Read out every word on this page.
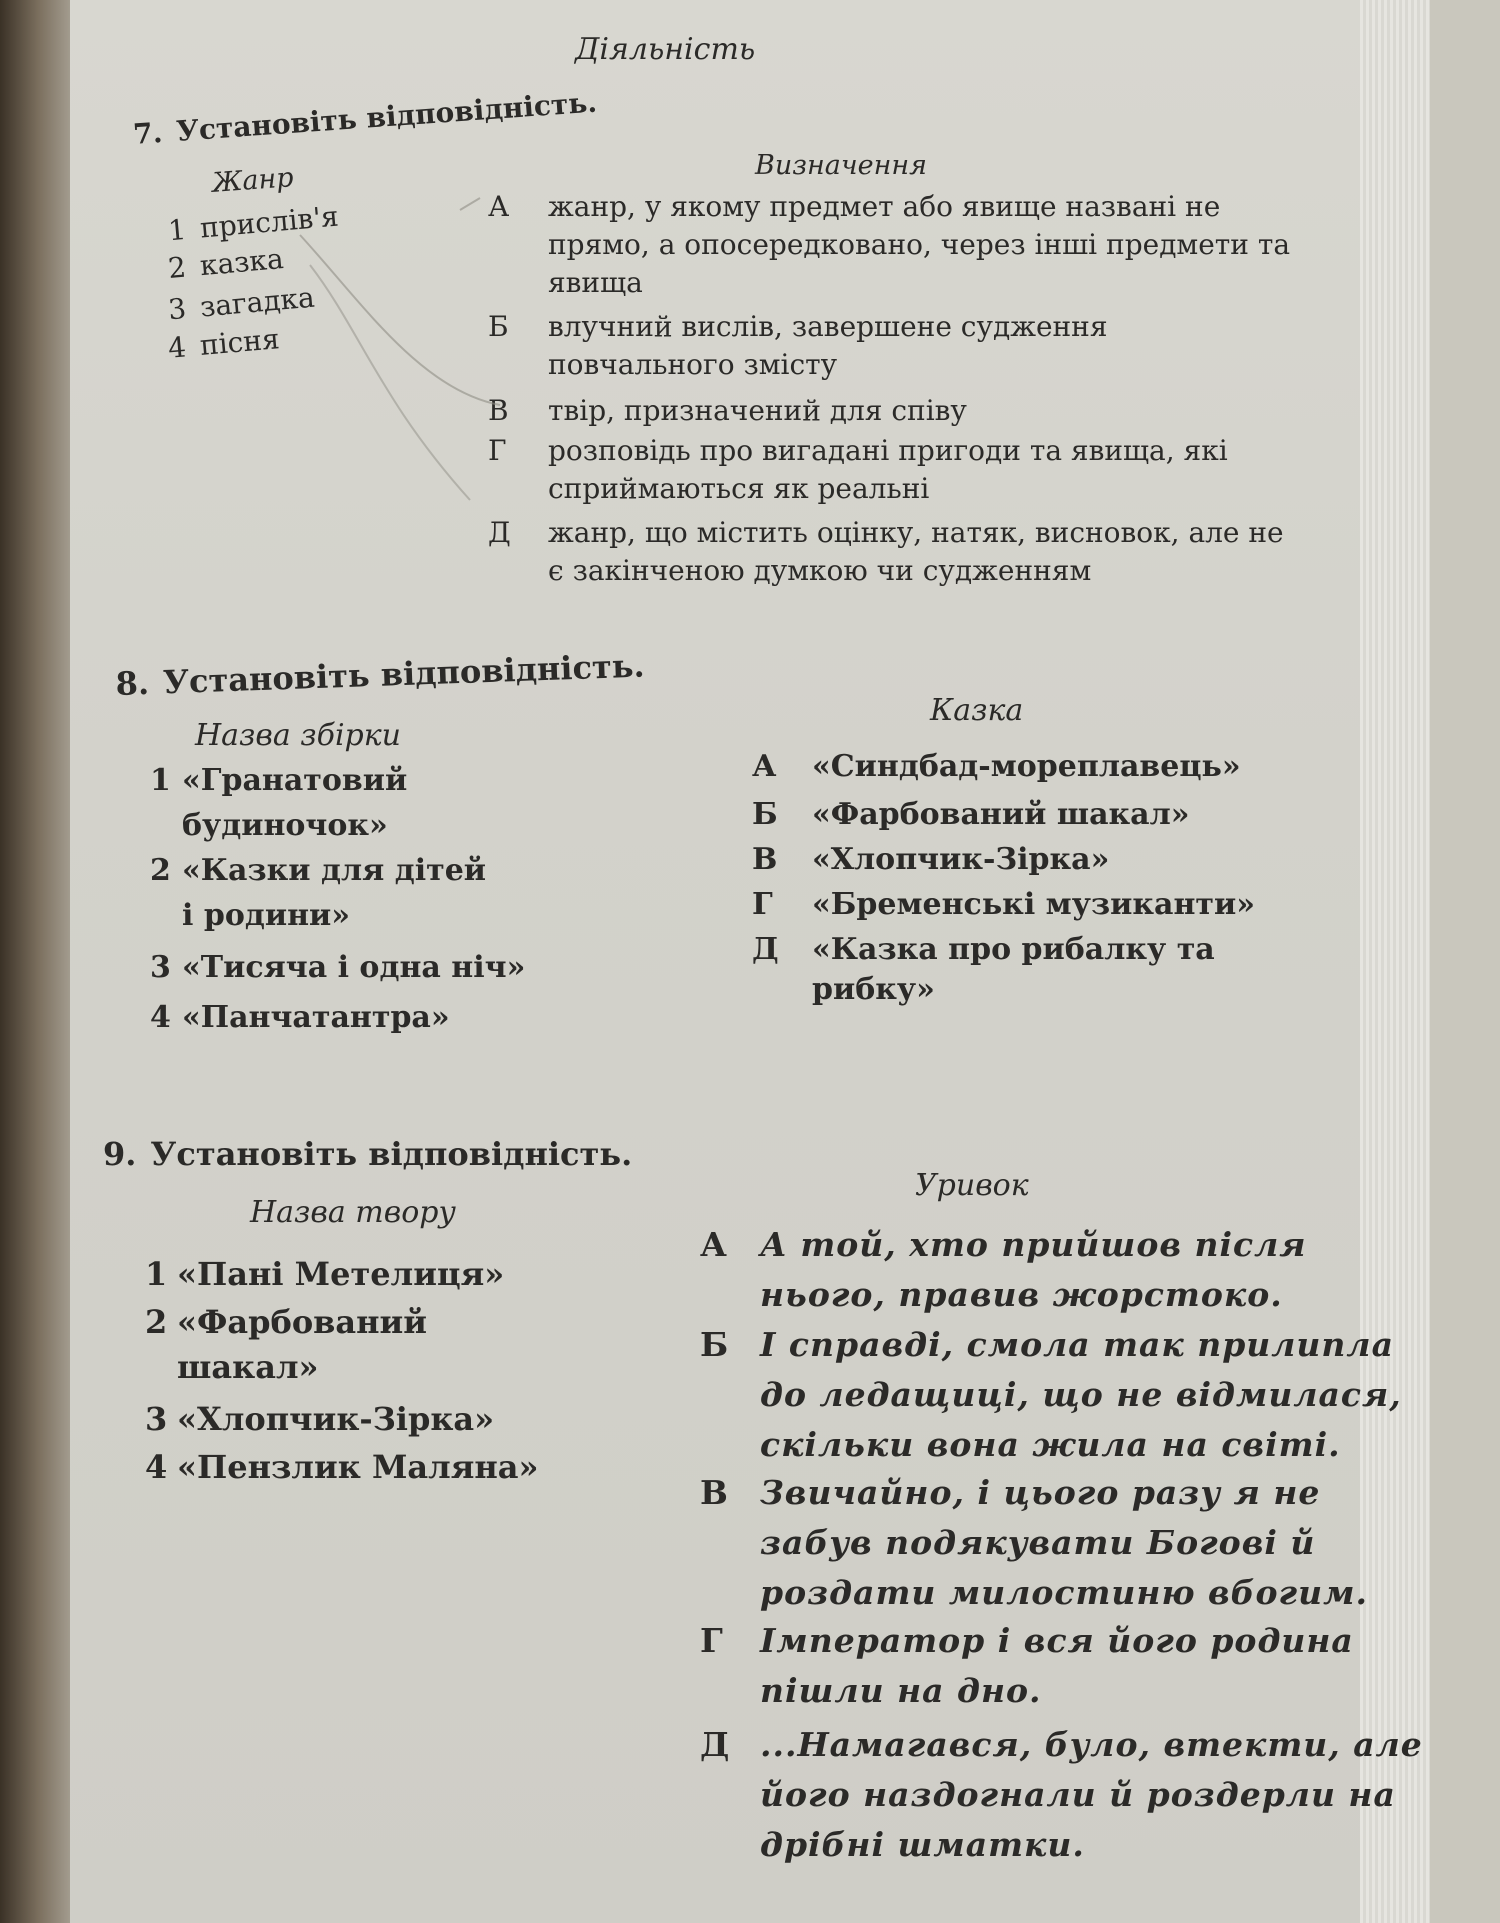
Діяльність
7. Установіть відповідність.
Жанр	Визначення
1 прислів'я
2 казка
3 загадка
4 пісня
А	жанр, у якому предмет або явище названі не прямо, а опосередковано, через інші предмети та явища
Б	влучний вислів, завершене судження повчального змісту
В	твір, призначений для співу
Г	розповідь про вигадані пригоди та явища, які сприймаються як реальні
Д	жанр, що містить оцінку, натяк, висновок, але не є закінченою думкою чи судженням
8. Установіть відповідність.
Назва збірки
Казка
1 «Гранатовий
будиночок»
2 «Казки для дітей
і родини»
3 «Тисяча і одна ніч»
4 «Панчатантра»
А	«Синдбад-мореплавець»
Б	«Фарбований шакал»
В	«Хлопчик-Зірка»
Г	«Бременські музиканти»
Д	«Казка про рибалку та рибку»
9. Установіть відповідність.
Назва твору
Уривок
1 «Пані Метелиця»
2 «Фарбований
шакал»
3 «Хлопчик-Зірка»
4 «Пензлик Маляна»
А	А той, хто прийшов після нього, правив жорстоко.
Б І справді, смола так прилипла до ледащиці, що не відмилася, скільки вона жила на світі.
В Звичайно, і цього разу я не забув подякувати Богові й роздати милостиню вбогим.
Г	Імператор і вся його родина пішли на дно.
Д ...Намагався, було, втекти, але його наздогнали й роздерли на дрібні шматки.
